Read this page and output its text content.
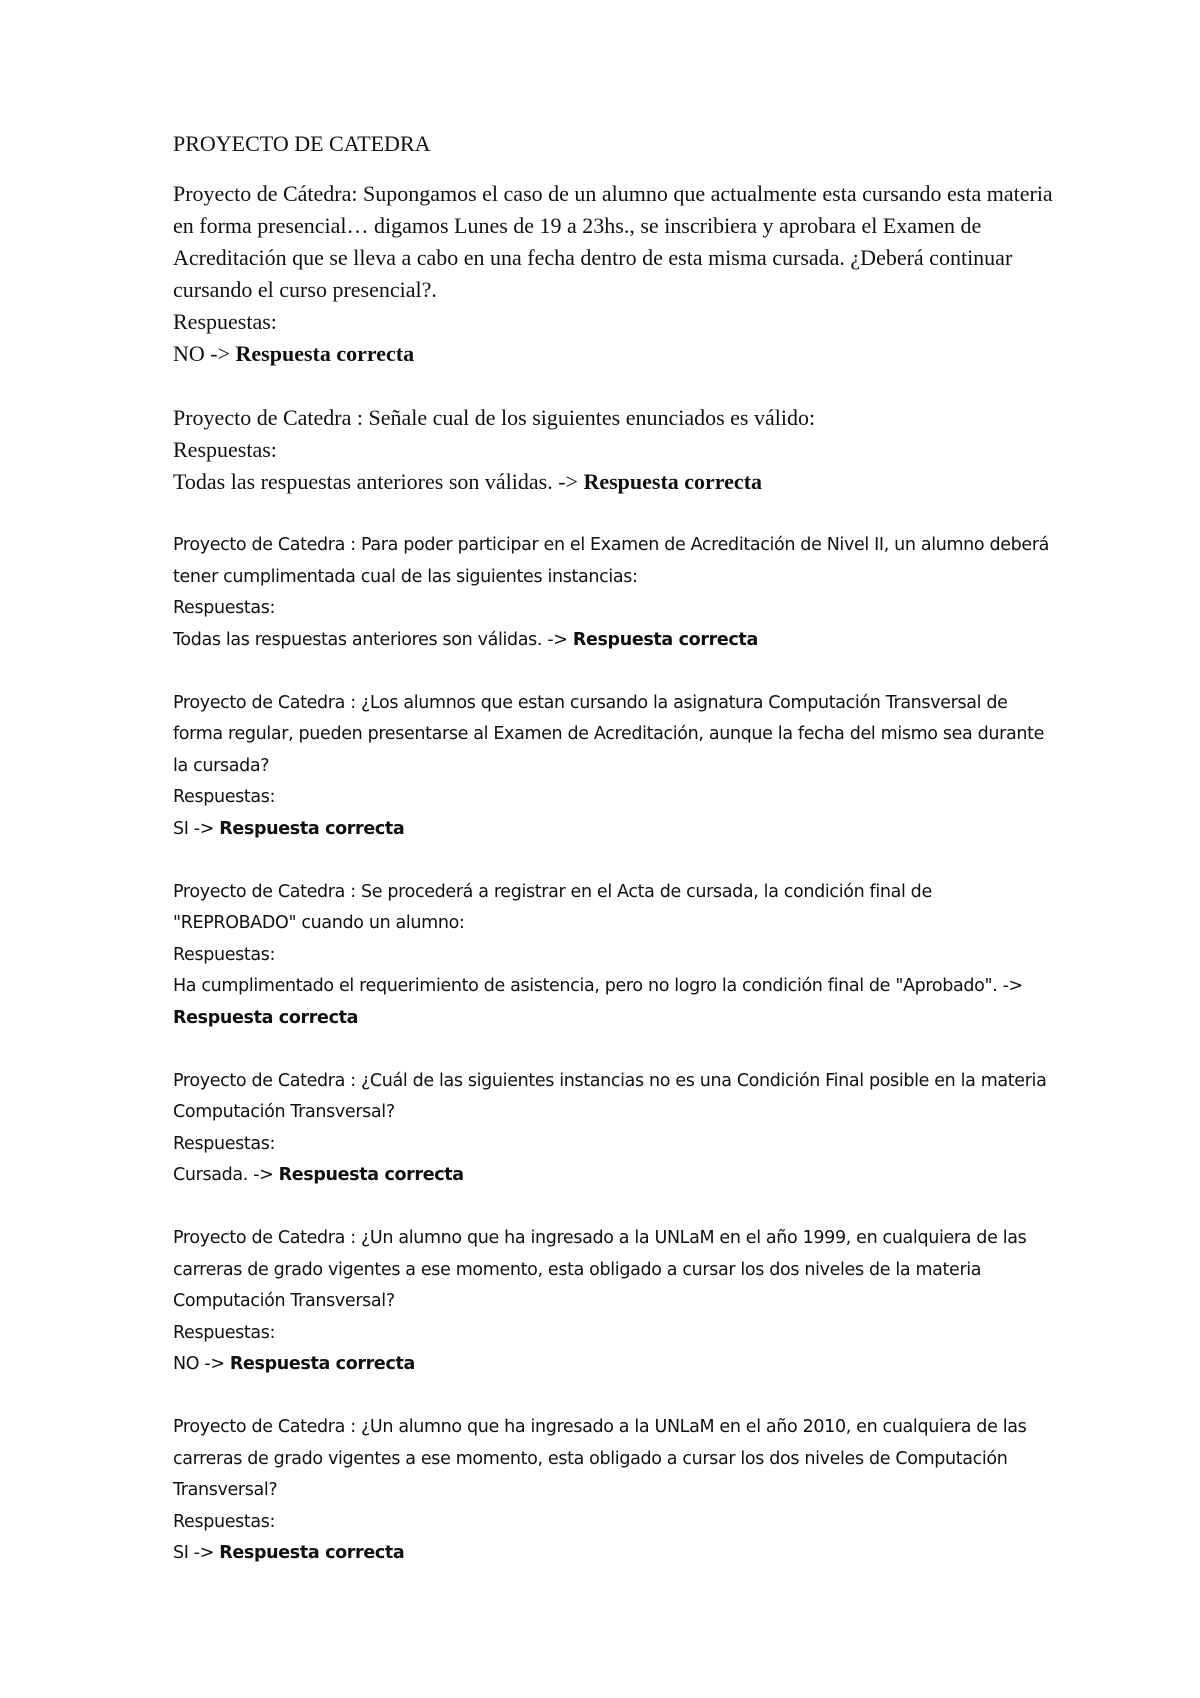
PROYECTO DE CATEDRA

Proyecto de Cátedra: Supongamos el caso de un alumno que actualmente esta cursando esta materia en forma presencial… digamos Lunes de 19 a 23hs., se inscribiera y aprobara el Examen de Acreditación que se lleva a cabo en una fecha dentro de esta misma cursada. ¿Deberá continuar cursando el curso presencial?.

Respuestas:

NO -> Respuesta correcta

Proyecto de Catedra : Señale cual de los siguientes enunciados es válido:

Respuestas:

Todas las respuestas anteriores son válidas. -> Respuesta correcta

Proyecto de Catedra : Para poder participar en el Examen de Acreditación de Nivel II, un alumno deberá tener cumplimentada cual de las siguientes instancias:

Respuestas:

Todas las respuestas anteriores son válidas. -> Respuesta correcta

Proyecto de Catedra : ¿Los alumnos que estan cursando la asignatura Computación Transversal de forma regular, pueden presentarse al Examen de Acreditación, aunque la fecha del mismo sea durante la cursada?

Respuestas:

SI -> Respuesta correcta

Proyecto de Catedra : Se procederá a registrar en el Acta de cursada, la condición final de "REPROBADO" cuando un alumno:

Respuestas:

Ha cumplimentado el requerimiento de asistencia, pero no logro la condición final de "Aprobado". -> Respuesta correcta

Proyecto de Catedra : ¿Cuál de las siguientes instancias no es una Condición Final posible en la materia Computación Transversal?

Respuestas:

Cursada. -> Respuesta correcta

Proyecto de Catedra : ¿Un alumno que ha ingresado a la UNLaM en el año 1999, en cualquiera de las carreras de grado vigentes a ese momento, esta obligado a cursar los dos niveles de la materia Computación Transversal?

Respuestas:

NO -> Respuesta correcta

Proyecto de Catedra : ¿Un alumno que ha ingresado a la UNLaM en el año 2010, en cualquiera de las carreras de grado vigentes a ese momento, esta obligado a cursar los dos niveles de Computación Transversal?

Respuestas:

SI -> Respuesta correcta
